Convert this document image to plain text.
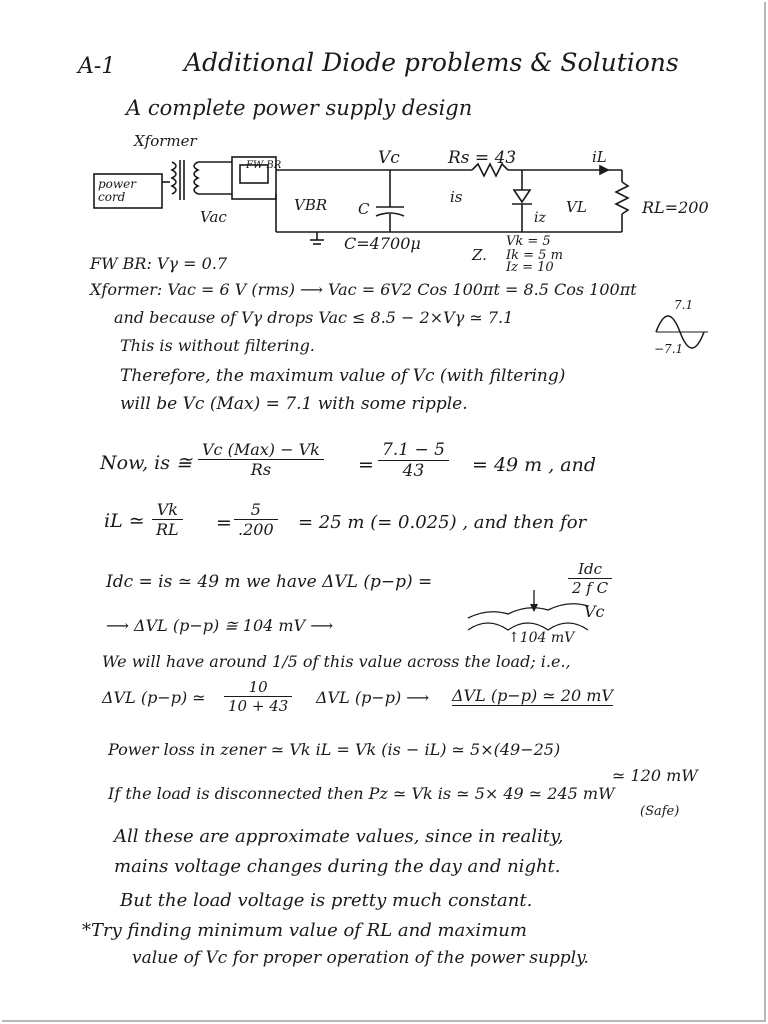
A-1	Additional Diode problems & Solutions
A complete power supply design
Xformer
power cord
Vac
FW BR
VBR C
Vc	Rs = 43
is
iL
iz
VL	RL=200
C=4700μ
Z.
Vk = 5
Ik = 5 m
Iz = 10
FW BR: Vγ = 0.7
Xformer: Vac = 6 V (rms) ⟶ Vac = 6V2 Cos 100πt = 8.5 Cos 100πt
and because of Vγ drops Vac ≤ 8.5 − 2×Vγ ≃ 7.1
7.1
−7.1
This is without filtering.
Therefore, the maximum value of Vc (with filtering)
will be Vc (Max) = 7.1 with some ripple.
Now, is ≅
Vc (Max) − Vk
Rs	= $\frac{7.1 - 5}{43} = 49$ m , and
iL ≃ $\frac{Vk}{RL} = \frac{5}{.200} = 25$ m (= 0.025) , and then for
Idc = is ≃ 49 m we have ΔVL (p−p) =
Idc
2 f C
⟶ ΔVL (p−p) ≅ 104 mV ⟶
Vc
↑104 mV
We will have around 1/5 of this value across the load; i.e.,
ΔVL (p−p) ≃ $\frac{10}{10 + 43}$ ΔVL (p−p) ⟶ ΔVL (p−p) ≃ 20 mV
Power loss in zener ≃ Vk iL = Vk (is − iL) ≃ 5×(49−25)
≃ 120 mW
If the load is disconnected then Pz ≃ Vk is ≃ 5× 49 ≃ 245 mW
(Safe)
All these are approximate values, since in reality,
mains voltage changes during the day and night.
But the load voltage is pretty much constant.
*Try finding minimum value of RL and maximum
value of Vc for proper operation of the power supply.
